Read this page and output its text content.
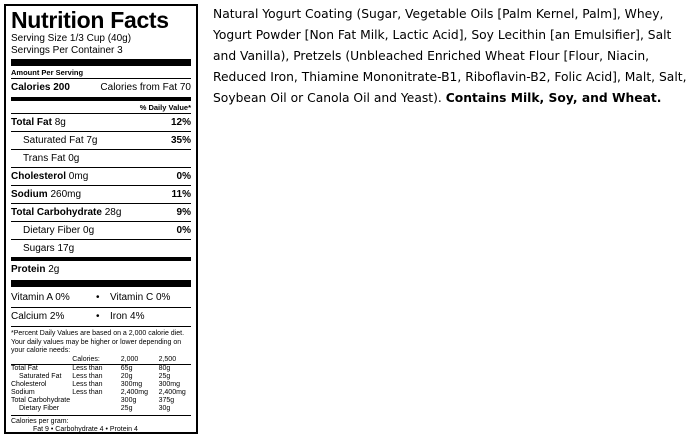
Nutrition Facts
Serving Size 1/3 Cup (40g)
Servings Per Container 3
Amount Per Serving
Calories 200	Calories from Fat 70
% Daily Value*
Total Fat 8g	12%
Saturated Fat 7g	35%
Trans Fat 0g
Cholesterol 0mg	0%
Sodium 260mg	11%
Total Carbohydrate 28g	9%
Dietary Fiber 0g	0%
Sugars 17g
Protein 2g
Vitamin A 0%	•	Vitamin C 0%
Calcium 2%	•	Iron 4%
*Percent Daily Values are based on a 2,000 calorie diet. Your daily values may be higher or lower depending on your calorie needs:
	Calories:	2,000	2,500
Total Fat	Less than	65g	80g
Saturated Fat	Less than	20g	25g
Cholesterol	Less than	300mg	300mg
Sodium	Less than	2,400mg	2,400mg
Total Carbohydrate		300g	375g
Dietary Fiber		25g	30g
Calories per gram:
Fat 9 • Carbohydrate 4 • Protein 4
Natural Yogurt Coating (Sugar, Vegetable Oils [Palm Kernel, Palm], Whey, Yogurt Powder [Non Fat Milk, Lactic Acid], Soy Lecithin [an Emulsifier], Salt and Vanilla), Pretzels (Unbleached Enriched Wheat Flour [Flour, Niacin, Reduced Iron, Thiamine Mononitrate-B1, Riboflavin-B2, Folic Acid], Malt, Salt, Soybean Oil or Canola Oil and Yeast). Contains Milk, Soy, and Wheat.
